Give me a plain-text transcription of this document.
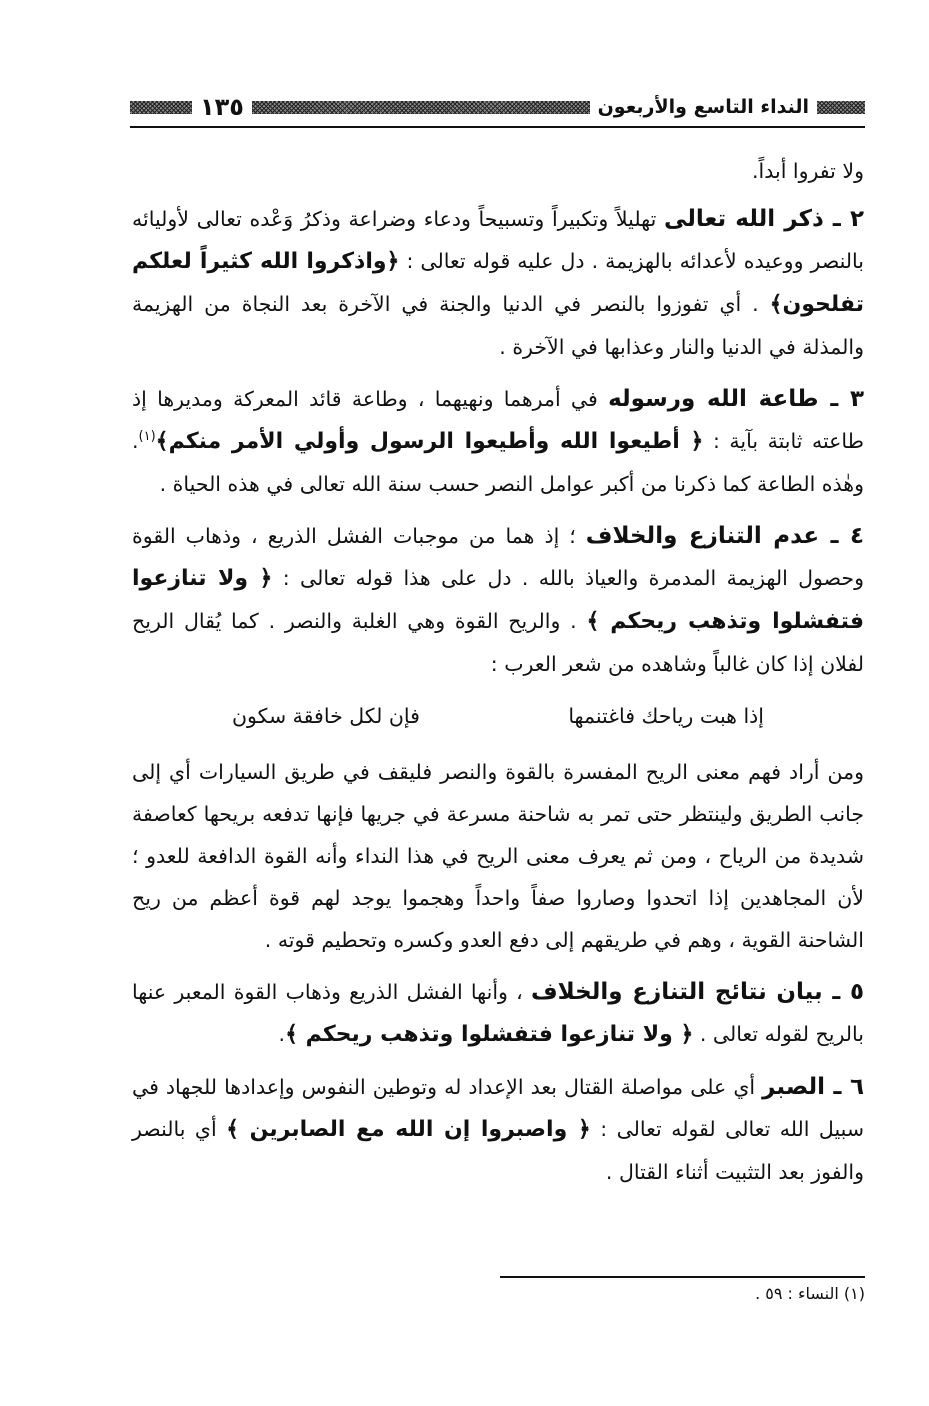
النداء التاسع والأربعون
١٣٥

ولا تفروا أبداً.

٢ ـ ذكر الله تعالى تهليلاً وتكبيراً وتسبيحاً ودعاء وضراعة وذكرُ وَعْده تعالى لأوليائه بالنصر ووعيده لأعدائه بالهزيمة . دل عليه قوله تعالى : ﴿واذكروا الله كثيراً لعلكم تفلحون﴾ . أي تفوزوا بالنصر في الدنيا والجنة في الآخرة بعد النجاة من الهزيمة والمذلة في الدنيا والنار وعذابها في الآخرة .

٣ ـ طاعة الله ورسوله في أمرهما ونهيهما ، وطاعة قائد المعركة ومديرها إذ طاعته ثابتة بآية : ﴿ أطيعوا الله وأطيعوا الرسول وأولي الأمر منكم﴾$^{(١)}$. وهٰذه الطاعة كما ذكرنا من أكبر عوامل النصر حسب سنة الله تعالى في هذه الحياة .

٤ ـ عدم التنازع والخلاف ؛ إذ هما من موجبات الفشل الذريع ، وذهاب القوة وحصول الهزيمة المدمرة والعياذ بالله . دل على هذا قوله تعالى : ﴿ ولا تنازعوا فتفشلوا وتذهب ريحكم ﴾ . والريح القوة وهي الغلبة والنصر . كما يُقال الريح لفلان إذا كان غالباً وشاهده من شعر العرب :

إذا هبت رياحك فاغتنمها
فإن لكل خافقة سكون

ومن أراد فهم معنى الريح المفسرة بالقوة والنصر فليقف في طريق السيارات أي إلى جانب الطريق ولينتظر حتى تمر به شاحنة مسرعة في جريها فإنها تدفعه بريحها كعاصفة شديدة من الرياح ، ومن ثم يعرف معنى الريح في هذا النداء وأنه القوة الدافعة للعدو ؛ لأن المجاهدين إذا اتحدوا وصاروا صفاً واحداً وهجموا يوجد لهم قوة أعظم من ريح الشاحنة القوية ، وهم في طريقهم إلى دفع العدو وكسره وتحطيم قوته .

٥ ـ بيان نتائج التنازع والخلاف ، وأنها الفشل الذريع وذهاب القوة المعبر عنها بالريح لقوله تعالى . ﴿ ولا تنازعوا فتفشلوا وتذهب ريحكم ﴾.

٦ ـ الصبر أي على مواصلة القتال بعد الإعداد له وتوطين النفوس وإعدادها للجهاد في سبيل الله تعالى لقوله تعالى : ﴿ واصبروا إن الله مع الصابرين ﴾ أي بالنصر والفوز بعد التثبيت أثناء القتال .

(١) النساء : ٥٩ .
